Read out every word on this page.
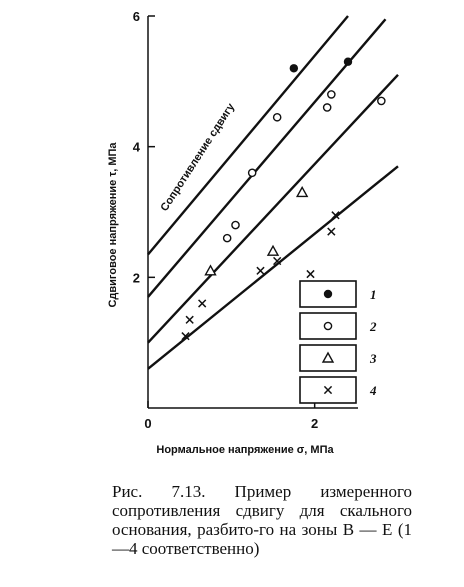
2
4
6
0	2
Нормальное напряжение σ, МПа
Сдвиговое напряжение τ, МПа	Сопротивление сдвигу
1
2
3
4

Рис. 7.13. Пример измеренного сопротивления сдвигу для скального основания, разбито-го на зоны В — Е (1—4 соответственно)
